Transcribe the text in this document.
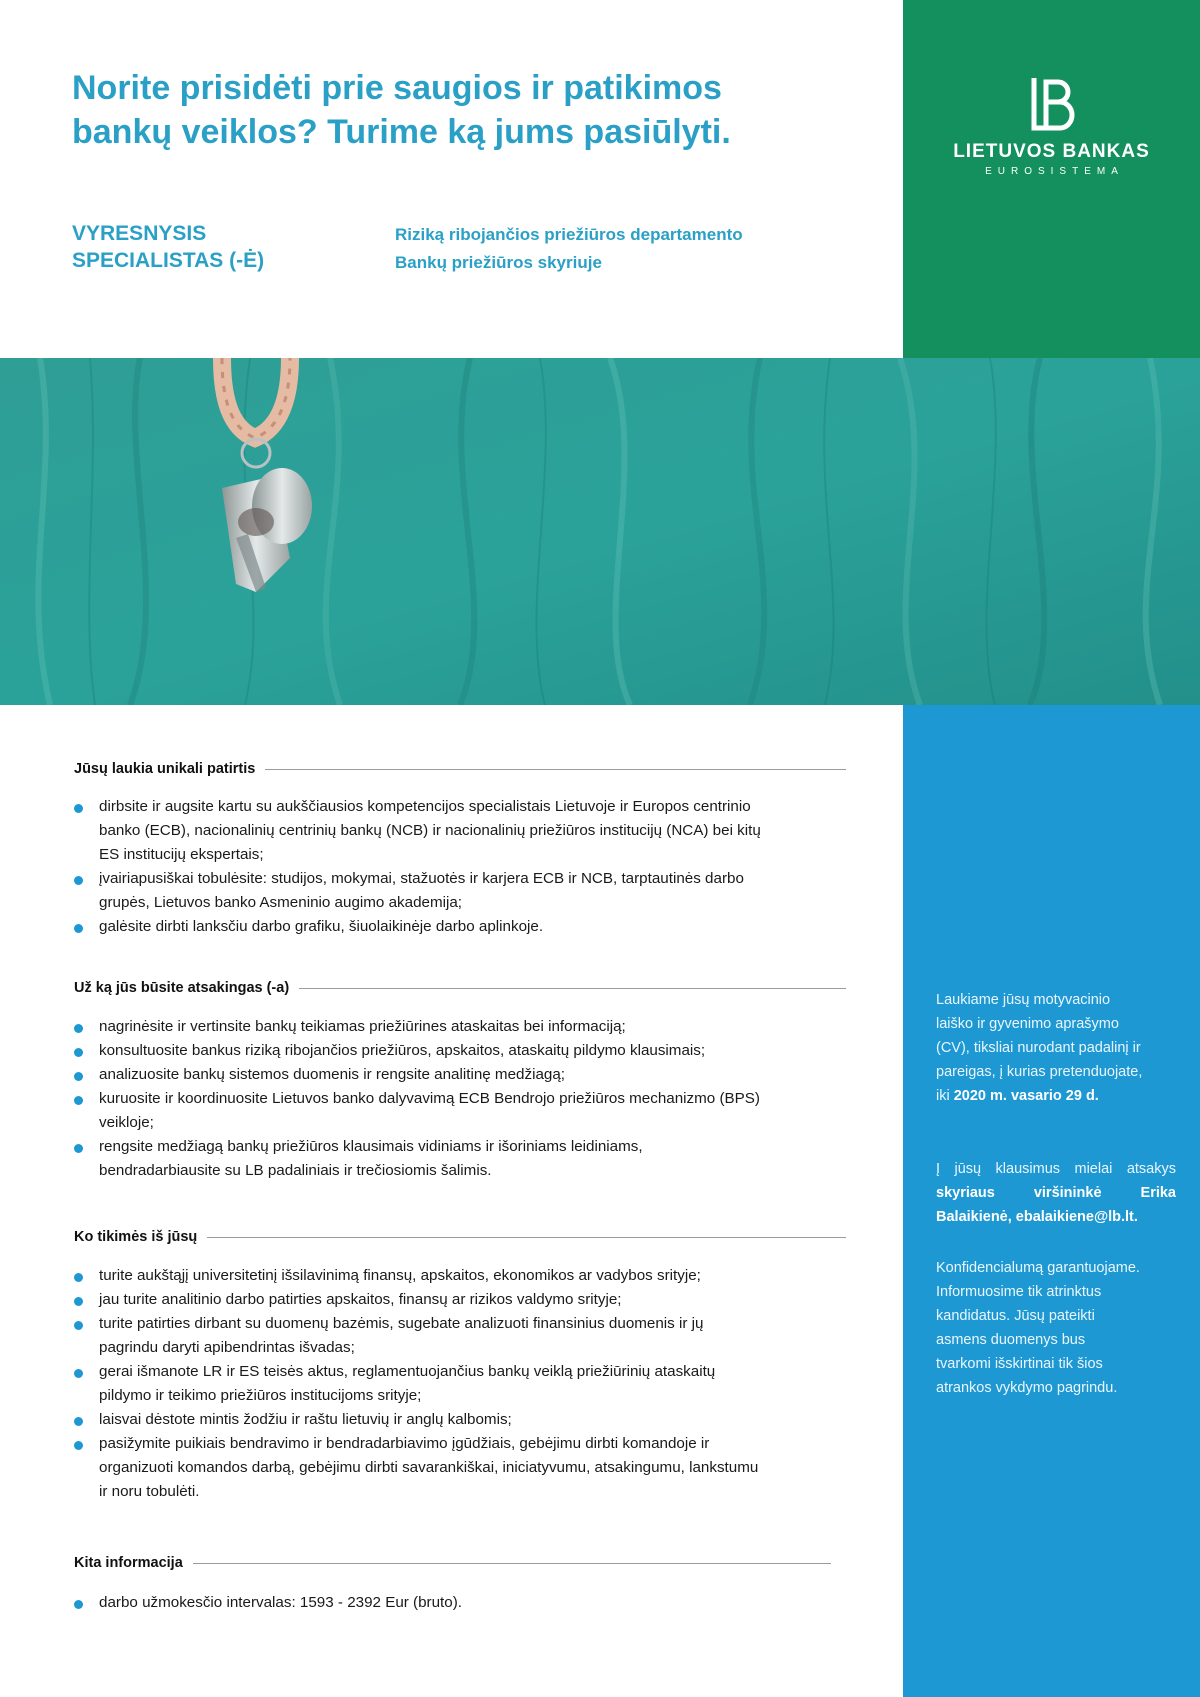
Norite prisidėti prie saugios ir patikimos
bankų veiklos? Turime ką jums pasiūlyti.
VYRESNYSIS
SPECIALISTAS (-Ė)
Riziką ribojančios priežiūros departamento
Bankų priežiūros skyriuje
LIETUVOS BANKAS
EUROSISTEMA
Laukiame jūsų motyvacinio
laiško ir gyvenimo aprašymo
(CV), tiksliai nurodant padalinį ir
pareigas, į kurias pretenduojate,
iki 2020 m. vasario 29 d.
Į jūsų klausimus mielai atsakys
skyriaus viršininkė Erika
Balaikienė, ebalaikiene@lb.lt.
Konfidencialumą garantuojame.
Informuosime tik atrinktus
kandidatus. Jūsų pateikti
asmens duomenys bus
tvarkomi išskirtinai tik šios
atrankos vykdymo pagrindu.
Jūsų laukia unikali patirtis
dirbsite ir augsite kartu su aukščiausios kompetencijos specialistais Lietuvoje ir Europos centrinio
banko (ECB), nacionalinių centrinių bankų (NCB) ir nacionalinių priežiūros institucijų (NCA) bei kitų
ES institucijų ekspertais;
įvairiapusiškai tobulėsite: studijos, mokymai, stažuotės ir karjera ECB ir NCB, tarptautinės darbo
grupės, Lietuvos banko Asmeninio augimo akademija;
galėsite dirbti lanksčiu darbo grafiku, šiuolaikinėje darbo aplinkoje.
Už ką jūs būsite atsakingas (-a)
nagrinėsite ir vertinsite bankų teikiamas priežiūrines ataskaitas bei informaciją;
konsultuosite bankus riziką ribojančios priežiūros, apskaitos, ataskaitų pildymo klausimais;
analizuosite bankų sistemos duomenis ir rengsite analitinę medžiagą;
kuruosite ir koordinuosite Lietuvos banko dalyvavimą ECB Bendrojo priežiūros mechanizmo (BPS)
veikloje;
rengsite medžiagą bankų priežiūros klausimais vidiniams ir išoriniams leidiniams,
bendradarbiausite su LB padaliniais ir trečiosiomis šalimis.
Ko tikimės iš jūsų
turite aukštąjį universitetinį išsilavinimą finansų, apskaitos, ekonomikos ar vadybos srityje;
jau turite analitinio darbo patirties apskaitos, finansų ar rizikos valdymo srityje;
turite patirties dirbant su duomenų bazėmis, sugebate analizuoti finansinius duomenis ir jų
pagrindu daryti apibendrintas išvadas;
gerai išmanote LR ir ES teisės aktus, reglamentuojančius bankų veiklą priežiūrinių ataskaitų
pildymo ir teikimo priežiūros institucijoms srityje;
laisvai dėstote mintis žodžiu ir raštu lietuvių ir anglų kalbomis;
pasižymite puikiais bendravimo ir bendradarbiavimo įgūdžiais, gebėjimu dirbti komandoje ir
organizuoti komandos darbą, gebėjimu dirbti savarankiškai, iniciatyvumu, atsakingumu, lankstumu
ir noru tobulėti.
Kita informacija
darbo užmokesčio intervalas: 1593 - 2392 Eur (bruto).
